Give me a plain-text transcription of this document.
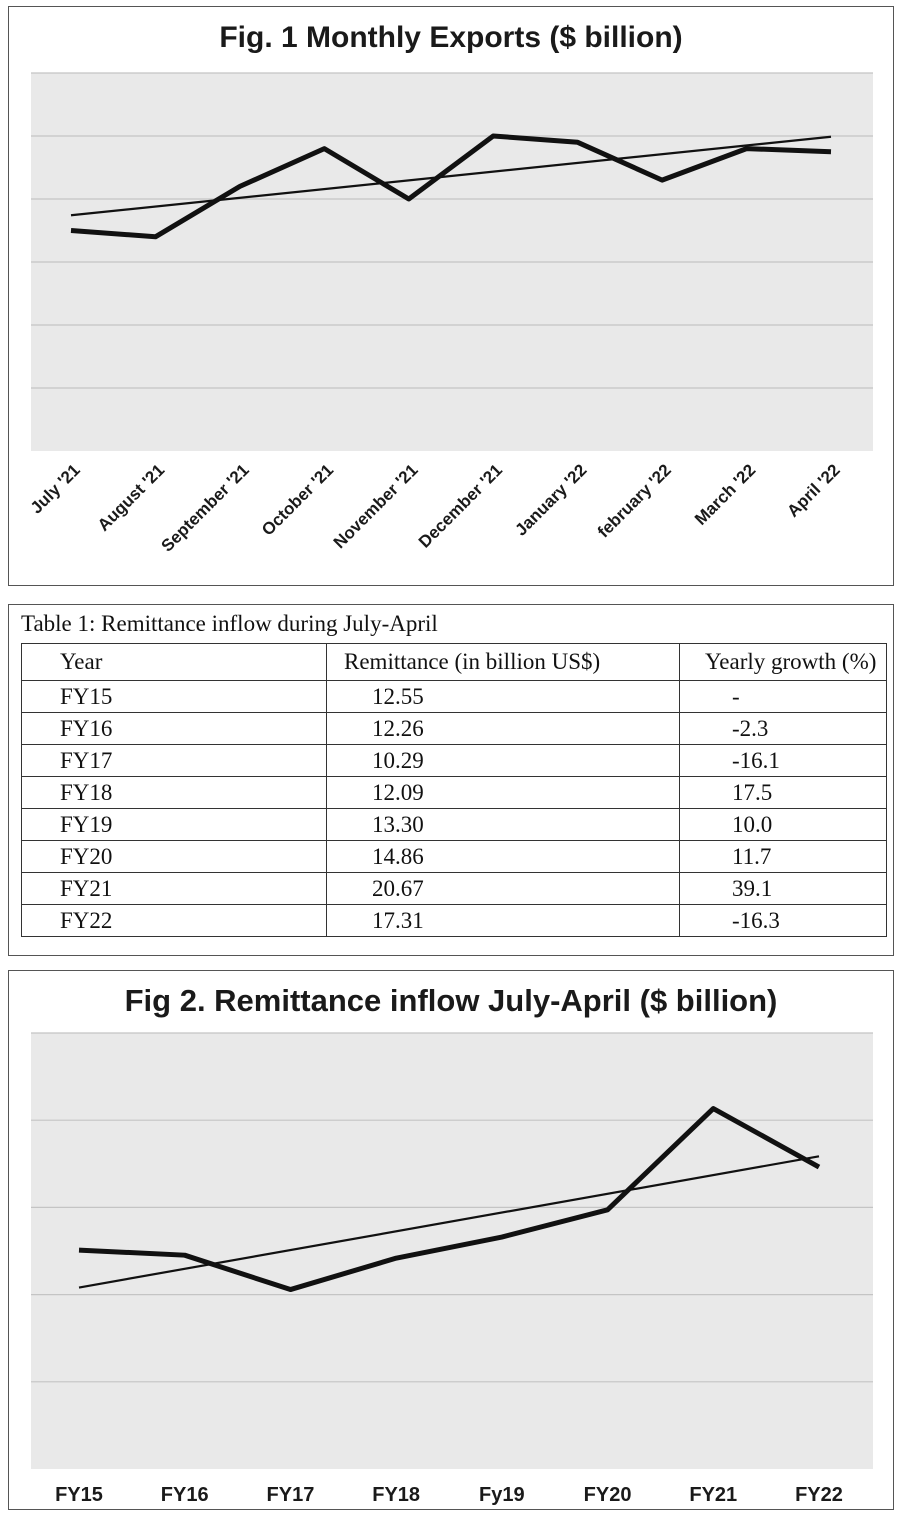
Fig. 1 Monthly Exports ($ billion)
July '21 August '21
September '21 October '21
November '21
December '21 January '22 february '22 March '22 April '22
Table 1: Remittance inflow during July-April
Year	Remittance (in billion US$)	Yearly growth (%)
FY15	12.55	-
FY16	12.26	-2.3
FY17	10.29	-16.1
FY18	12.09	17.5
FY19	13.30	10.0
FY20	14.86	11.7
FY21	20.67	39.1
FY22	17.31	-16.3
Fig 2. Remittance inflow July-April ($ billion)
FY15	FY16	FY17	FY18	Fy19	FY20	FY21	FY22
